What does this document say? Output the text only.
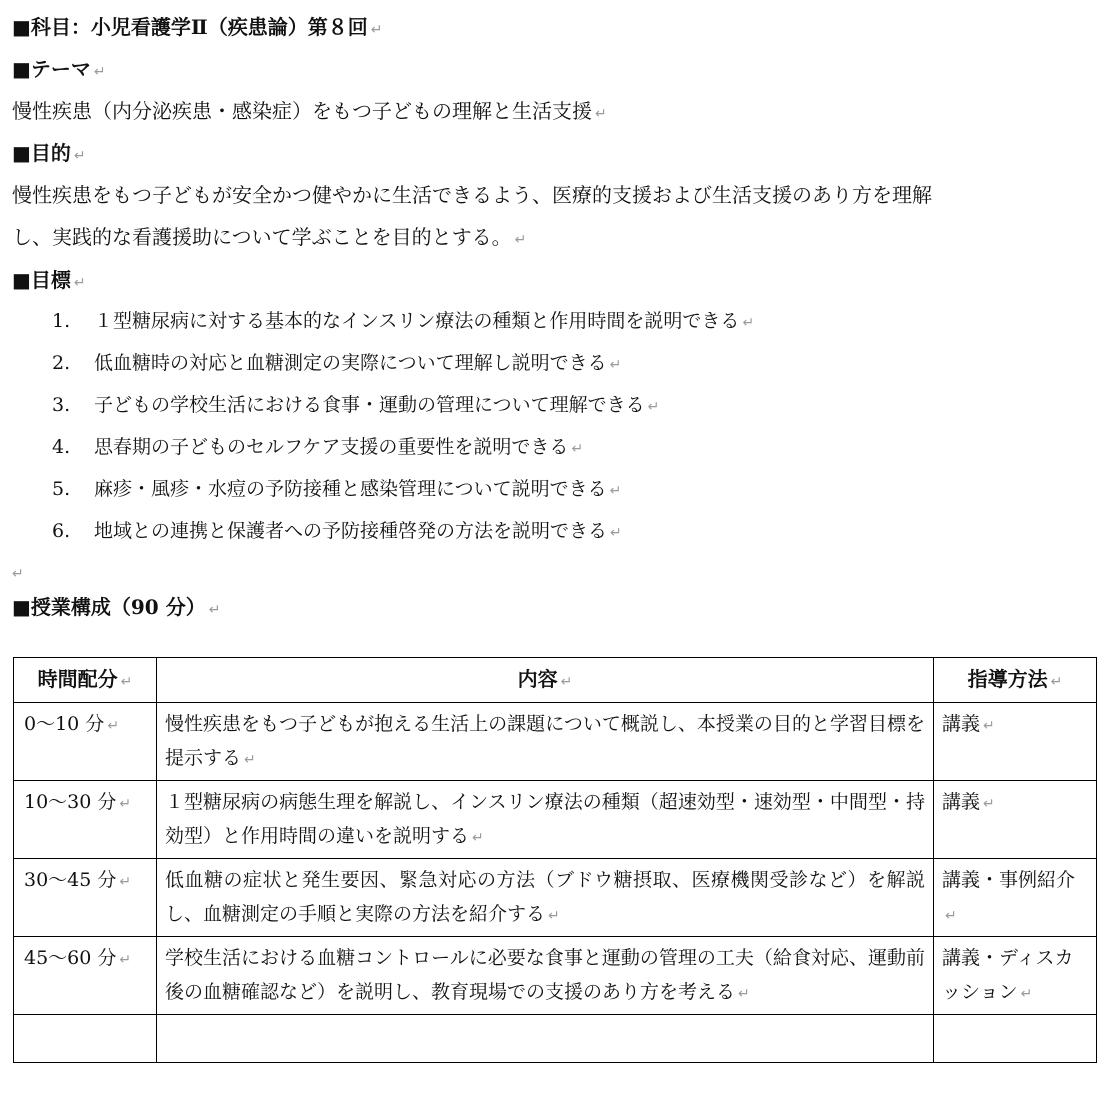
■科目：小児看護学Ⅱ（疾患論）第８回 ↵
■テーマ ↵
慢性疾患（内分泌疾患・感染症）をもつ子どもの理解と生活支援 ↵
■目的 ↵
慢性疾患をもつ子どもが安全かつ健やかに生活できるよう、医療的支援および生活支援のあり方を理解
し、実践的な看護援助について学ぶことを目的とする。 ↵
■目標 ↵
1.	１型糖尿病に対する基本的なインスリン療法の種類と作用時間を説明できる ↵
2.	低血糖時の対応と血糖測定の実際について理解し説明できる ↵
3.	子どもの学校生活における食事・運動の管理について理解できる ↵
4.	思春期の子どものセルフケア支援の重要性を説明できる ↵
5.	麻疹・風疹・水痘の予防接種と感染管理について説明できる ↵
6.	地域との連携と保護者への予防接種啓発の方法を説明できる ↵
↵
■授業構成（90 分） ↵
時間配分 ↵	内容 ↵	指導方法 ↵
0〜10 分 ↵	慢性疾患をもつ子どもが抱える生活上の課題について概説し、本授業の目的と学習目標を提示する ↵	講義 ↵
10〜30 分 ↵	１型糖尿病の病態生理を解説し、インスリン療法の種類（超速効型・速効型・中間型・持効型）と作用時間の違いを説明する ↵	講義 ↵
30〜45 分 ↵	低血糖の症状と発生要因、緊急対応の方法（ブドウ糖摂取、医療機関受診など）を解説し、血糖測定の手順と実際の方法を紹介する ↵	講義・事例紹介↵
45〜60 分 ↵	学校生活における血糖コントロールに必要な食事と運動の管理の工夫（給食対応、運動前後の血糖確認など）を説明し、教育現場での支援のあり方を考える ↵	講義・ディスカッション ↵
